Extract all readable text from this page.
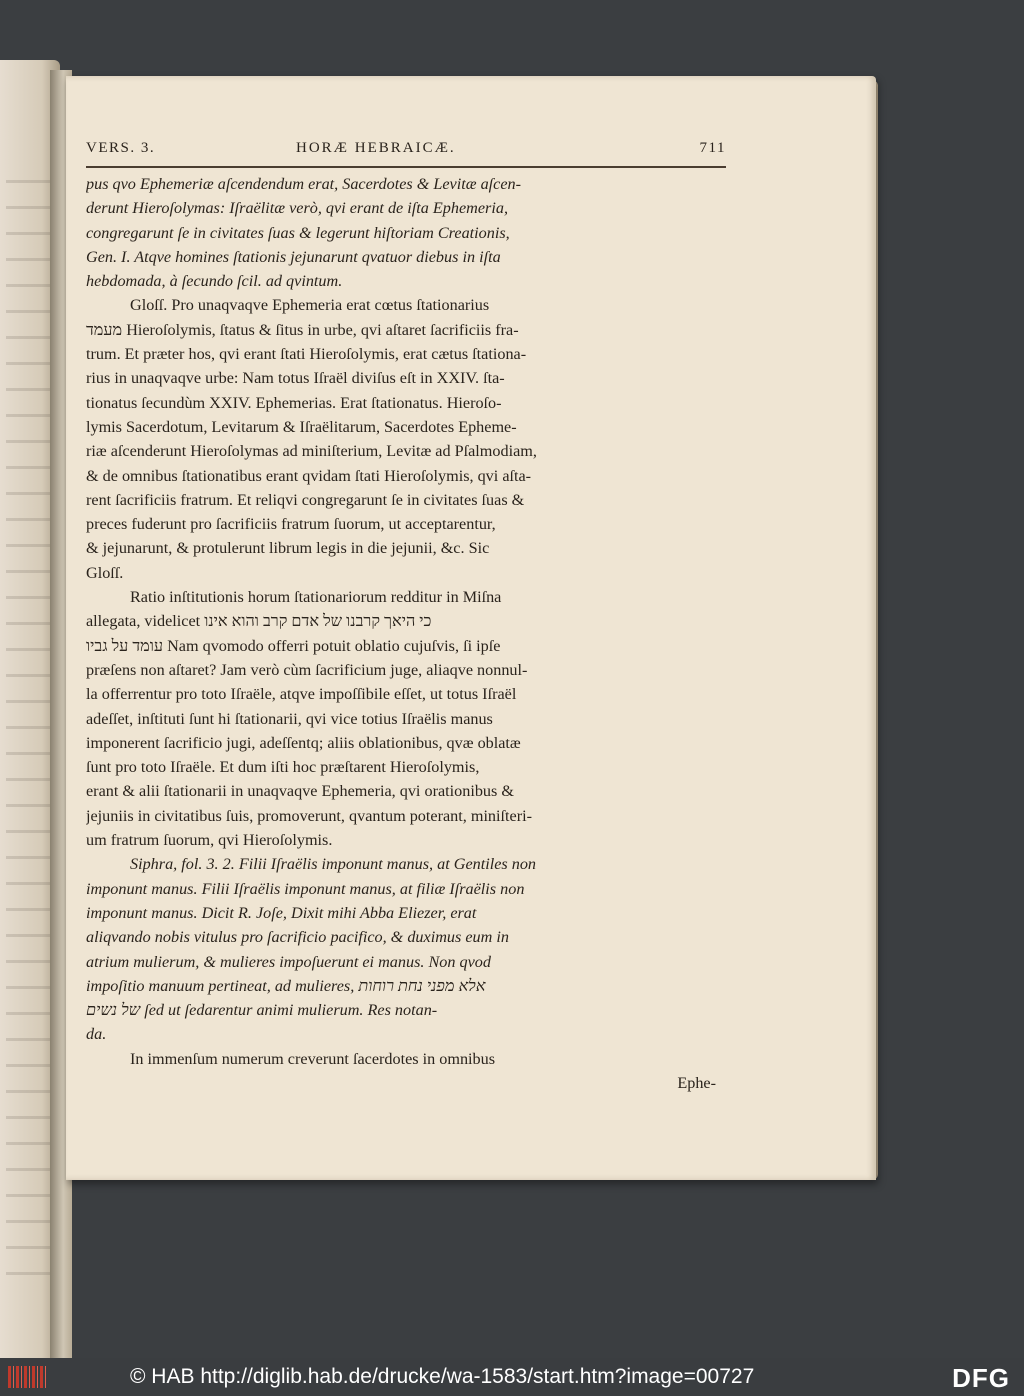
VERS. 3.	HORÆ HEBRAICÆ.	711
pus qvo Ephemeriæ aſcendendum erat, Sacerdotes & Levitæ aſcen-
derunt Hieroſolymas: Iſraëlitæ verò, qvi erant de iſta Ephemeria,
congregarunt ſe in civitates ſuas & legerunt hiſtoriam Creationis,
Gen. I. Atqve homines ſtationis jejunarunt qvatuor diebus in iſta
hebdomada, à ſecundo ſcil. ad qvintum.
Gloſſ. Pro unaqvaqve Ephemeria erat cœtus ſtationarius
מעמד Hieroſolymis, ſtatus & ſitus in urbe, qvi aſtaret ſacrificiis fra-
trum. Et præter hos, qvi erant ſtati Hieroſolymis, erat cætus ſtationa-
rius in unaqvaqve urbe: Nam totus Iſraël diviſus eſt in XXIV. ſta-
tionatus ſecundùm XXIV. Ephemerias. Erat ſtationatus. Hieroſo-
lymis Sacerdotum, Levitarum & Iſraëlitarum, Sacerdotes Epheme-
riæ aſcenderunt Hieroſolymas ad miniſterium, Levitæ ad Pſalmodiam,
& de omnibus ſtationatibus erant qvidam ſtati Hieroſolymis, qvi aſta-
rent ſacrificiis fratrum. Et reliqvi congregarunt ſe in civitates ſuas &
preces fuderunt pro ſacrificiis fratrum ſuorum, ut acceptarentur,
& jejunarunt, & protulerunt librum legis in die jejunii, &c. Sic
Gloſſ.
Ratio inſtitutionis horum ſtationariorum redditur in Miſna
allegata, videlicet כי היאך קרבנו של אדם קרב והוא אינו
עומד על גביו Nam qvomodo offerri potuit oblatio cujuſvis, ſi ipſe
præſens non aſtaret? Jam verò cùm ſacrificium juge, aliaqve nonnul-
la offerrentur pro toto Iſraële, atqve impoſſibile eſſet, ut totus Iſraël
adeſſet, inſtituti ſunt hi ſtationarii, qvi vice totius Iſraëlis manus
imponerent ſacrificio jugi, adeſſentq; aliis oblationibus, qvæ oblatæ
ſunt pro toto Iſraële. Et dum iſti hoc præſtarent Hieroſolymis,
erant & alii ſtationarii in unaqvaqve Ephemeria, qvi orationibus &
jejuniis in civitatibus ſuis, promoverunt, qvantum poterant, miniſteri-
um fratrum ſuorum, qvi Hieroſolymis.
Siphra, fol. 3. 2. Filii Iſraëlis imponunt manus, at Gentiles non
imponunt manus. Filii Iſraëlis imponunt manus, at filiæ Iſraëlis non
imponunt manus. Dicit R. Joſe, Dixit mihi Abba Eliezer, erat
aliqvando nobis vitulus pro ſacrificio pacifico, & duximus eum in
atrium mulierum, & mulieres impoſuerunt ei manus. Non qvod
impoſitio manuum pertineat, ad mulieres, אלא מפני נחת רוחות
של נשים ſed ut ſedarentur animi mulierum. Res notan-
da.
In immenſum numerum creverunt ſacerdotes in omnibus
Ephe-
© HAB http://diglib.hab.de/drucke/wa-1583/start.htm?image=00727	DFG
